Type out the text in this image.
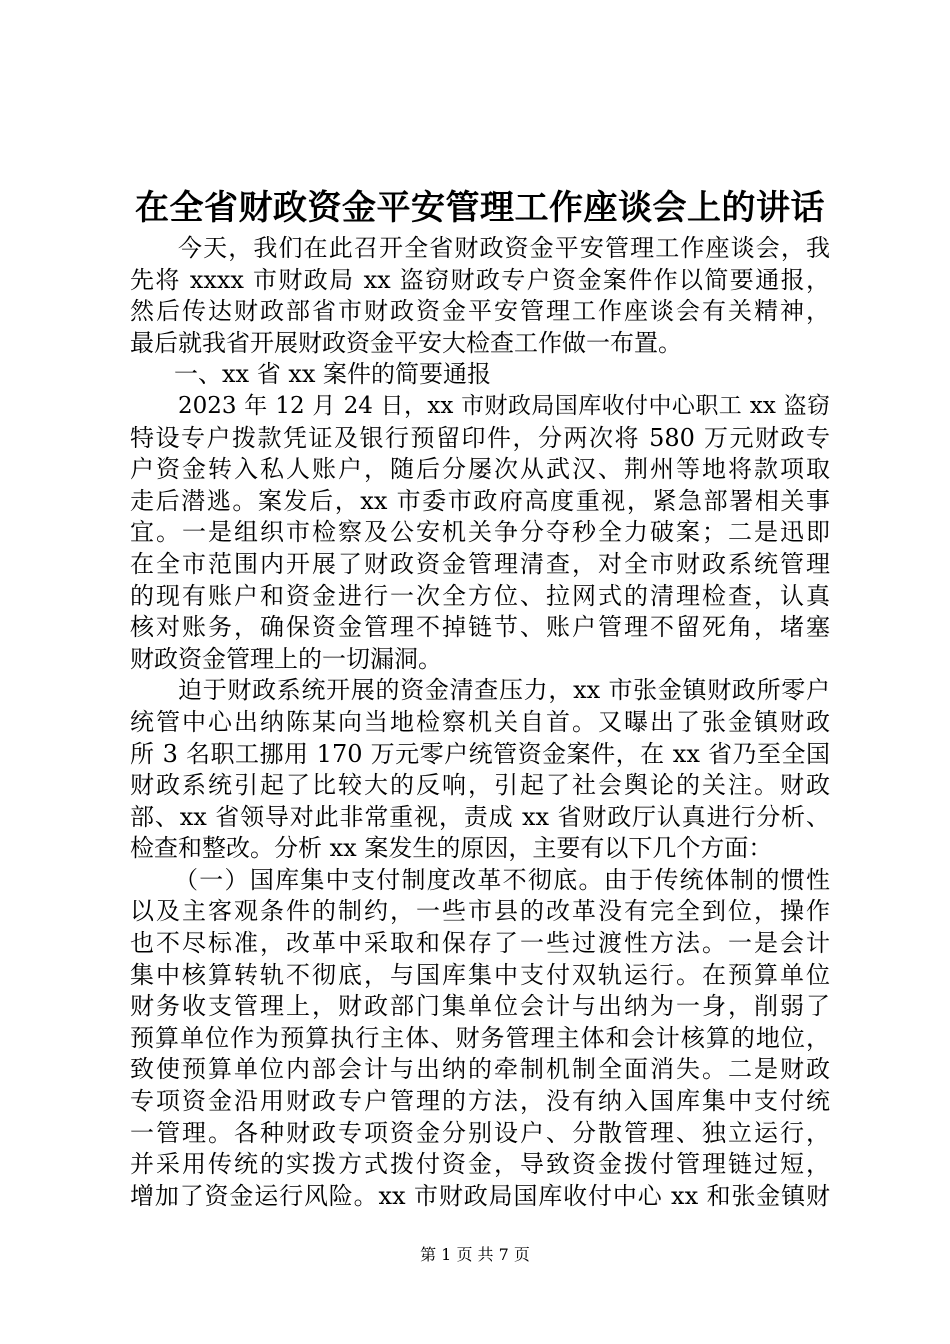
在全省财政资金平安管理工作座谈会上的讲话
今天，我们在此召开全省财政资金平安管理工作座谈会，我
先将 xxxx 市财政局 xx 盗窃财政专户资金案件作以简要通报，
然后传达财政部省市财政资金平安管理工作座谈会有关精神，
最后就我省开展财政资金平安大检查工作做一布置。
一、xx 省 xx 案件的简要通报
2023 年 12 月 24 日，xx 市财政局国库收付中心职工 xx 盗窃
特设专户拨款凭证及银行预留印件，分两次将 580 万元财政专
户资金转入私人账户，随后分屡次从武汉、荆州等地将款项取
走后潜逃。案发后，xx 市委市政府高度重视，紧急部署相关事
宜。一是组织市检察及公安机关争分夺秒全力破案；二是迅即
在全市范围内开展了财政资金管理清查，对全市财政系统管理
的现有账户和资金进行一次全方位、拉网式的清理检查，认真
核对账务，确保资金管理不掉链节、账户管理不留死角，堵塞
财政资金管理上的一切漏洞。
迫于财政系统开展的资金清查压力，xx 市张金镇财政所零户
统管中心出纳陈某向当地检察机关自首。又曝出了张金镇财政
所 3 名职工挪用 170 万元零户统管资金案件，在 xx 省乃至全国
财政系统引起了比较大的反响，引起了社会舆论的关注。财政
部、xx 省领导对此非常重视，责成 xx 省财政厅认真进行分析、
检查和整改。分析 xx 案发生的原因，主要有以下几个方面：
（一）国库集中支付制度改革不彻底。由于传统体制的惯性
以及主客观条件的制约，一些市县的改革没有完全到位，操作
也不尽标准，改革中采取和保存了一些过渡性方法。一是会计
集中核算转轨不彻底，与国库集中支付双轨运行。在预算单位
财务收支管理上，财政部门集单位会计与出纳为一身，削弱了
预算单位作为预算执行主体、财务管理主体和会计核算的地位，
致使预算单位内部会计与出纳的牵制机制全面消失。二是财政
专项资金沿用财政专户管理的方法，没有纳入国库集中支付统
一管理。各种财政专项资金分别设户、分散管理、独立运行，
并采用传统的实拨方式拨付资金，导致资金拨付管理链过短，
增加了资金运行风险。xx 市财政局国库收付中心 xx 和张金镇财
第 1 页 共 7 页
